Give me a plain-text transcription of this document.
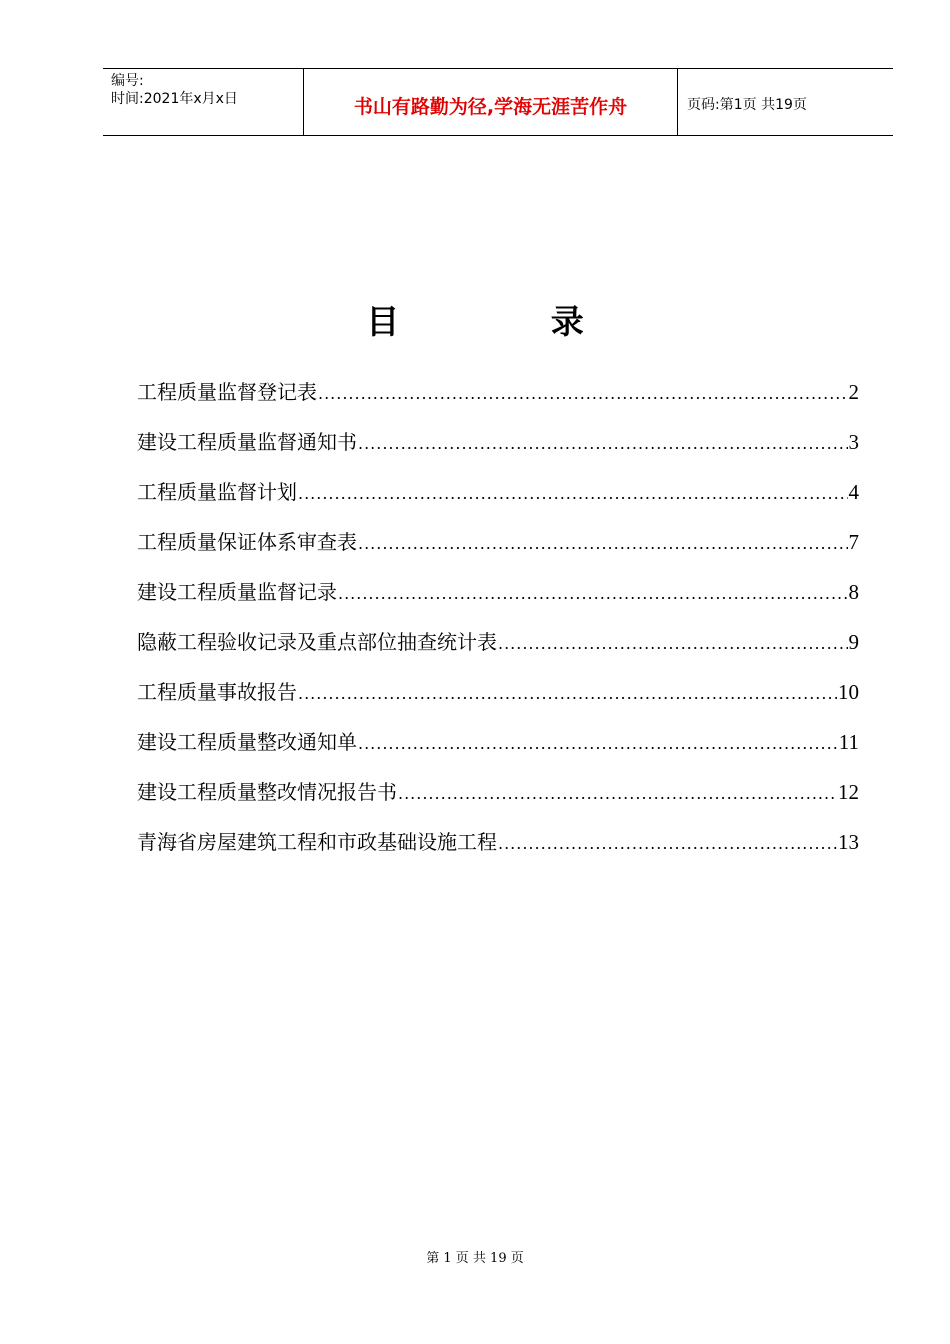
编号:
时间:2021年x月x日	书山有路勤为径,学海无涯苦作舟	页码:第1页 共19页
目 录
工程质量监督登记表 .....	2
建设工程质量监督通知书 .....	3
工程质量监督计划 .....	4
工程质量保证体系审查表 .....	7
建设工程质量监督记录 .....	8
隐蔽工程验收记录及重点部位抽查统计表 .....	9
工程质量事故报告 .....	10
建设工程质量整改通知单 .....	11
建设工程质量整改情况报告书 .....	12
青海省房屋建筑工程和市政基础设施工程 .....	13
第 1 页 共 19 页
